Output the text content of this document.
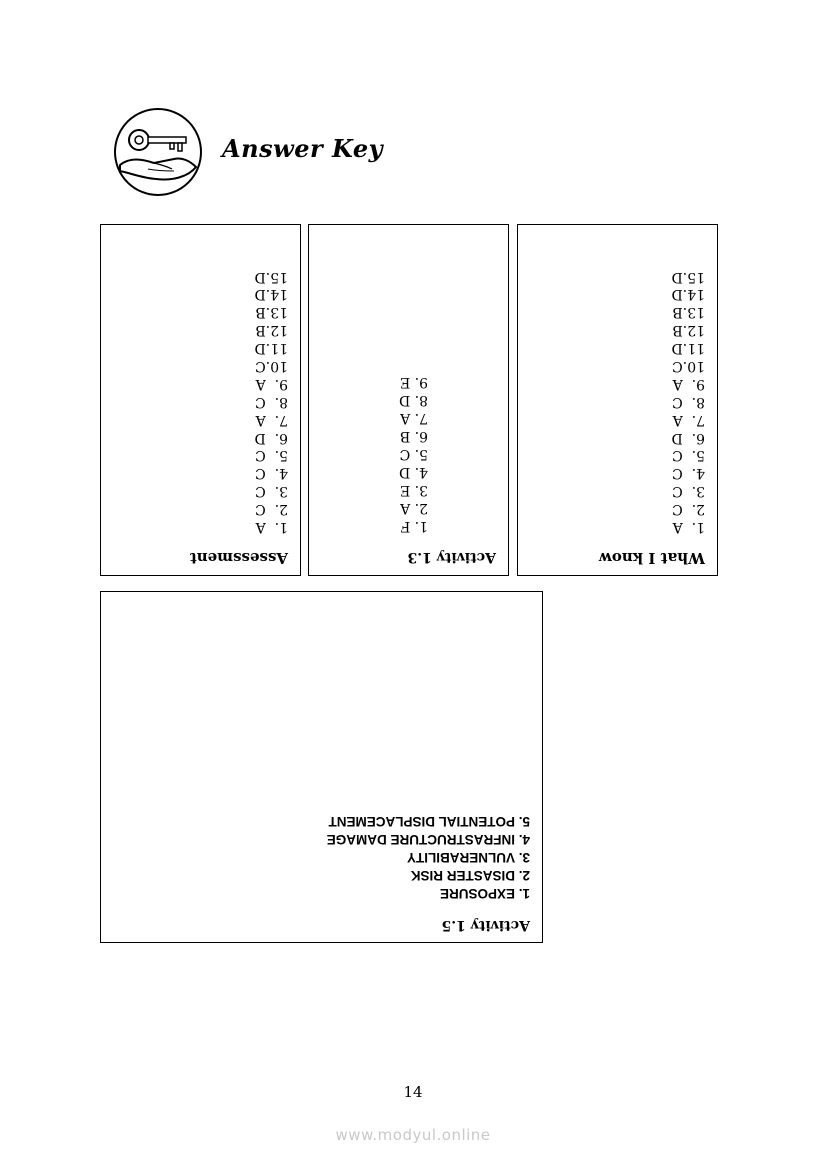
Answer Key
Assessment
1.  A
2.  C
3.  C
4.  C
5.  C
6.  D
7.  A
8.  C
9.  A
10.C
11.D
12.B
13.B
14.D
15.D
Activity 1.3
1. F
2. A
3. E
4. D
5. C
6. B
7. A
8. D
9. E
What I know
1.  A
2.  C
3.  C
4.  C
5.  C
6.  D
7.  A
8.  C
9.  A
10.C
11.D
12.B
13.B
14.D
15.D
Activity 1.5
1. EXPOSURE
2. DISASTER RISK
3. VULNERABILITY
4. INFRASTRUCTURE DAMAGE
5. POTENTIAL DISPLACEMENT
14
www.modyul.online
